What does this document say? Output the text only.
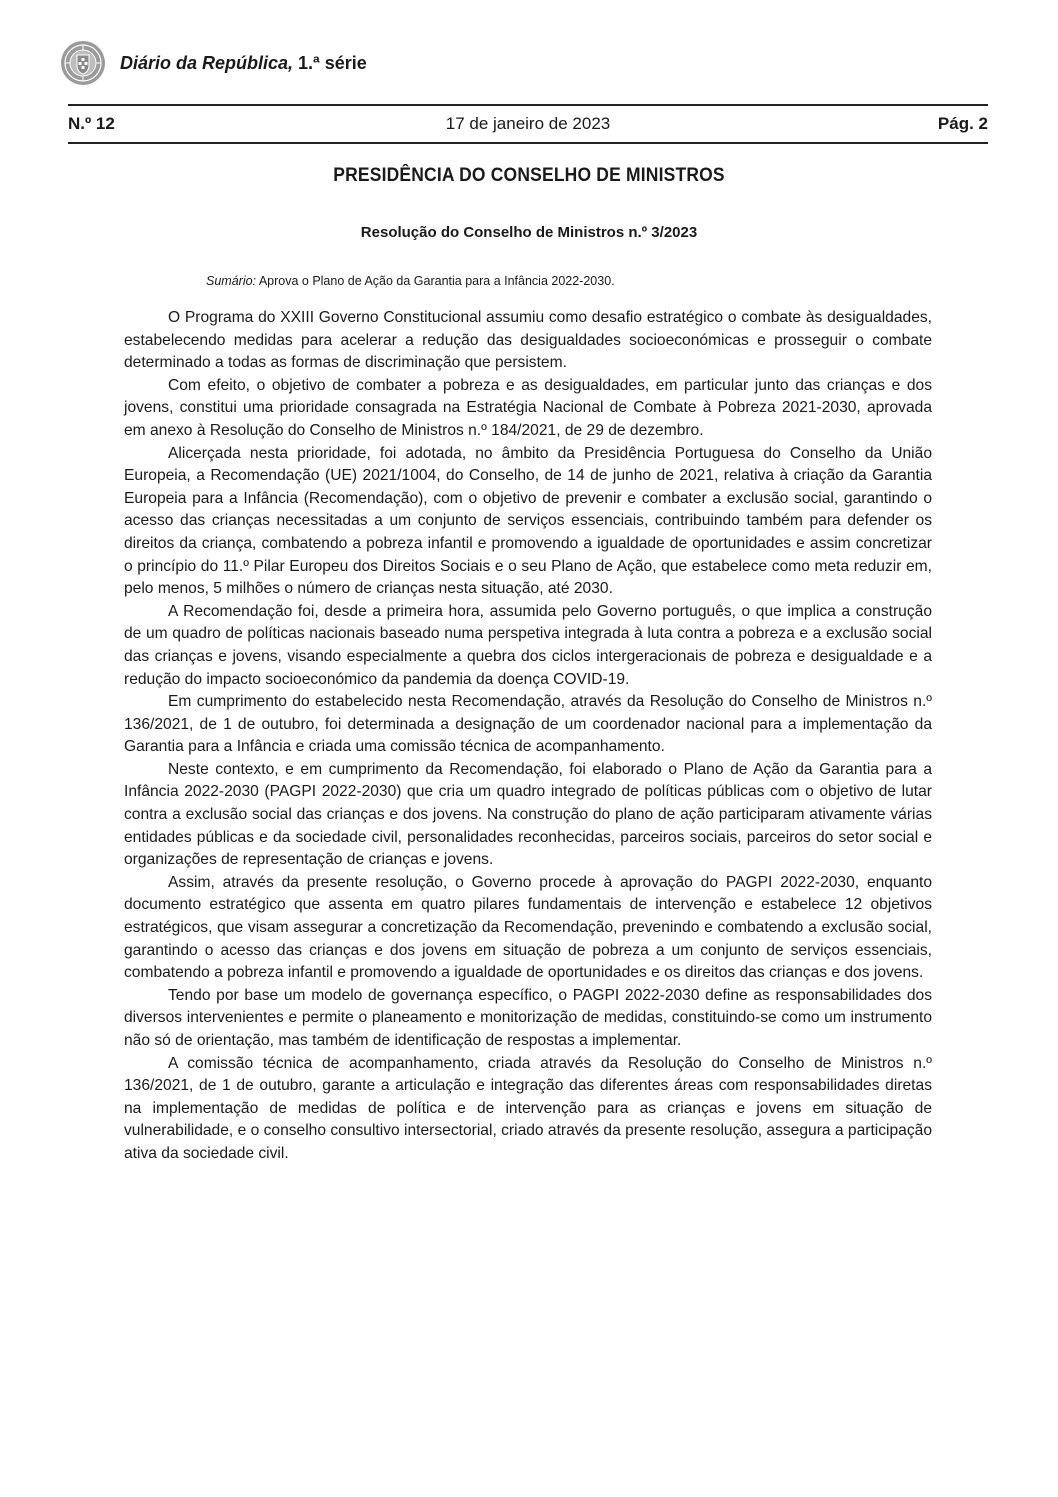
Diário da República, 1.ª série
N.º 12	17 de janeiro de 2023	Pág. 2
PRESIDÊNCIA DO CONSELHO DE MINISTROS
Resolução do Conselho de Ministros n.º 3/2023
Sumário: Aprova o Plano de Ação da Garantia para a Infância 2022-2030.

O Programa do XXIII Governo Constitucional assumiu como desafio estratégico o combate às desigualdades, estabelecendo medidas para acelerar a redução das desigualdades socioeconómicas e prosseguir o combate determinado a todas as formas de discriminação que persistem.

Com efeito, o objetivo de combater a pobreza e as desigualdades, em particular junto das crianças e dos jovens, constitui uma prioridade consagrada na Estratégia Nacional de Combate à Pobreza 2021-2030, aprovada em anexo à Resolução do Conselho de Ministros n.º 184/2021, de 29 de dezembro.

Alicerçada nesta prioridade, foi adotada, no âmbito da Presidência Portuguesa do Conselho da União Europeia, a Recomendação (UE) 2021/1004, do Conselho, de 14 de junho de 2021, relativa à criação da Garantia Europeia para a Infância (Recomendação), com o objetivo de prevenir e combater a exclusão social, garantindo o acesso das crianças necessitadas a um conjunto de serviços essenciais, contribuindo também para defender os direitos da criança, combatendo a pobreza infantil e promovendo a igualdade de oportunidades e assim concretizar o princípio do 11.º Pilar Europeu dos Direitos Sociais e o seu Plano de Ação, que estabelece como meta reduzir em, pelo menos, 5 milhões o número de crianças nesta situação, até 2030.

A Recomendação foi, desde a primeira hora, assumida pelo Governo português, o que implica a construção de um quadro de políticas nacionais baseado numa perspetiva integrada à luta contra a pobreza e a exclusão social das crianças e jovens, visando especialmente a quebra dos ciclos intergeracionais de pobreza e desigualdade e a redução do impacto socioeconómico da pandemia da doença COVID-19.

Em cumprimento do estabelecido nesta Recomendação, através da Resolução do Conselho de Ministros n.º 136/2021, de 1 de outubro, foi determinada a designação de um coordenador nacional para a implementação da Garantia para a Infância e criada uma comissão técnica de acompanhamento.

Neste contexto, e em cumprimento da Recomendação, foi elaborado o Plano de Ação da Garantia para a Infância 2022-2030 (PAGPI 2022-2030) que cria um quadro integrado de políticas públicas com o objetivo de lutar contra a exclusão social das crianças e dos jovens. Na construção do plano de ação participaram ativamente várias entidades públicas e da sociedade civil, personalidades reconhecidas, parceiros sociais, parceiros do setor social e organizações de representação de crianças e jovens.

Assim, através da presente resolução, o Governo procede à aprovação do PAGPI 2022-2030, enquanto documento estratégico que assenta em quatro pilares fundamentais de intervenção e estabelece 12 objetivos estratégicos, que visam assegurar a concretização da Recomendação, prevenindo e combatendo a exclusão social, garantindo o acesso das crianças e dos jovens em situação de pobreza a um conjunto de serviços essenciais, combatendo a pobreza infantil e promovendo a igualdade de oportunidades e os direitos das crianças e dos jovens.

Tendo por base um modelo de governança específico, o PAGPI 2022-2030 define as responsabilidades dos diversos intervenientes e permite o planeamento e monitorização de medidas, constituindo-se como um instrumento não só de orientação, mas também de identificação de respostas a implementar.

A comissão técnica de acompanhamento, criada através da Resolução do Conselho de Ministros n.º 136/2021, de 1 de outubro, garante a articulação e integração das diferentes áreas com responsabilidades diretas na implementação de medidas de política e de intervenção para as crianças e jovens em situação de vulnerabilidade, e o conselho consultivo intersectorial, criado através da presente resolução, assegura a participação ativa da sociedade civil.
